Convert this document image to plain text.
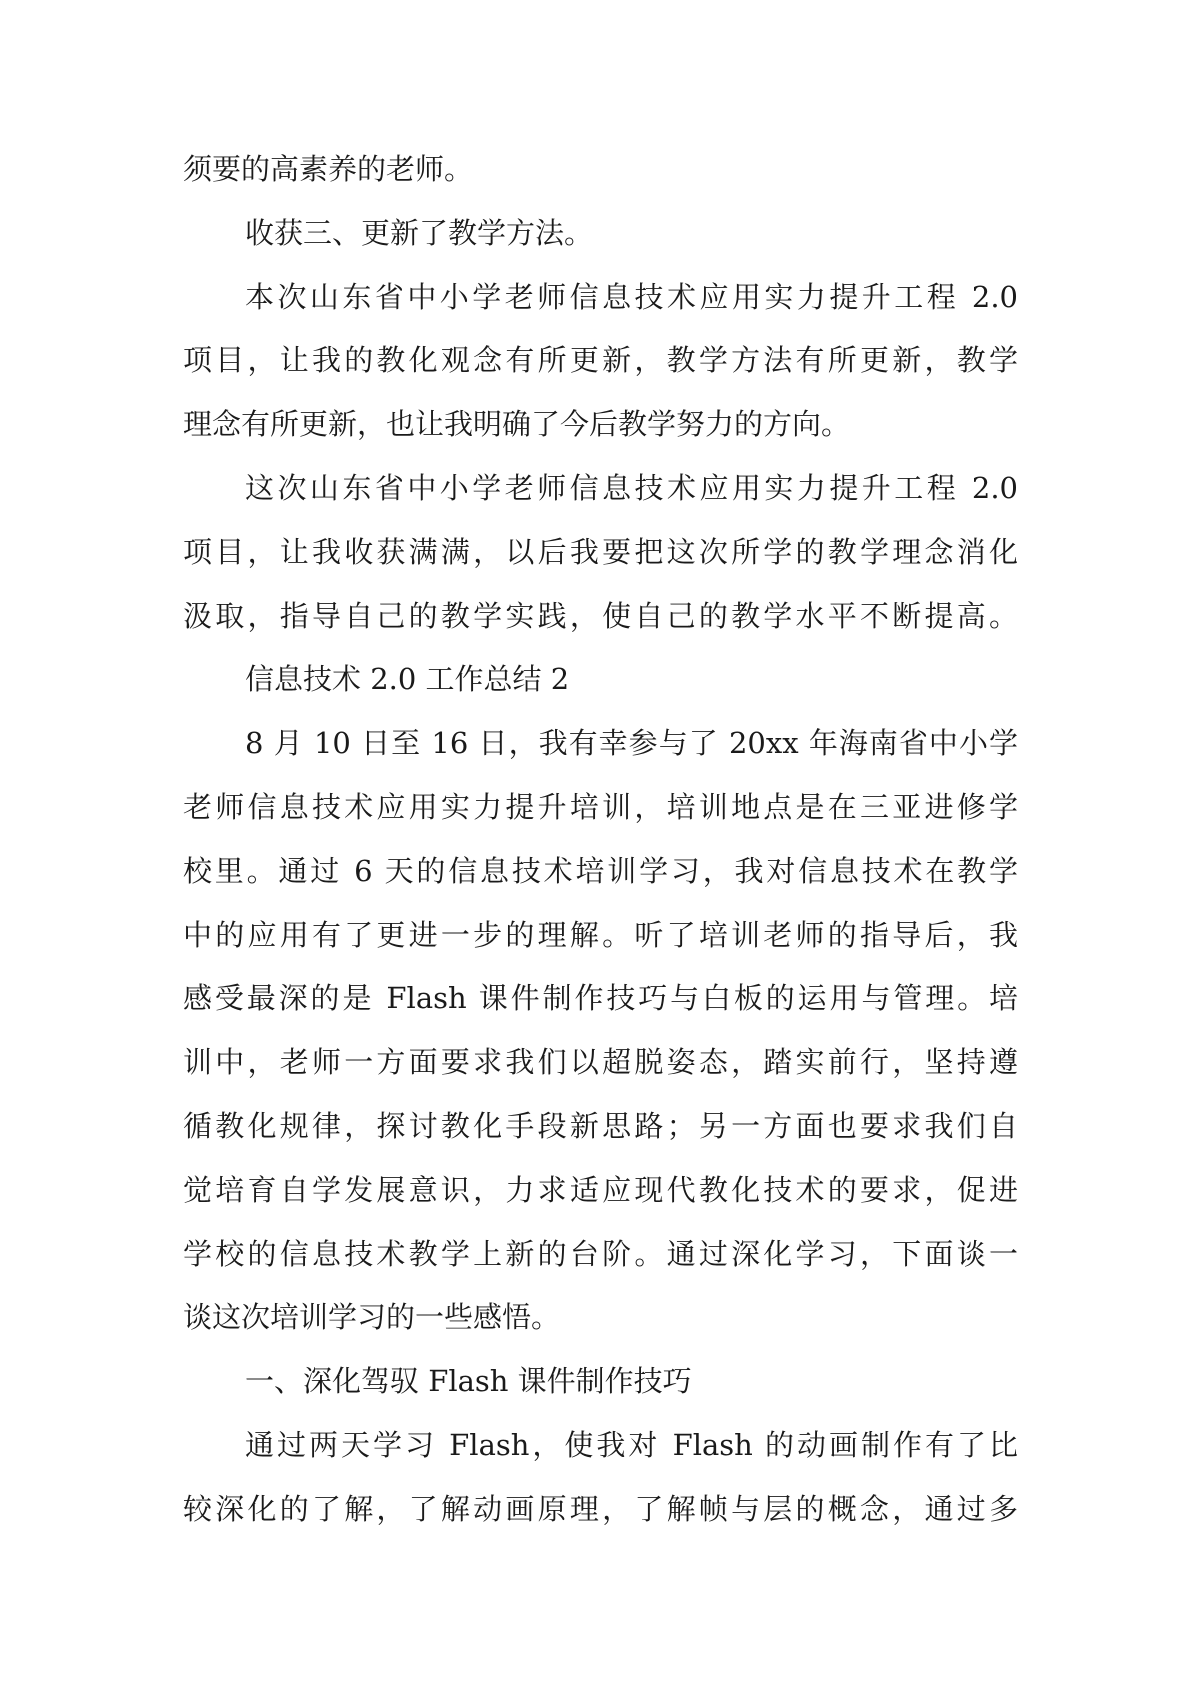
须要的高素养的老师。
收获三、更新了教学方法。
本次山东省中小学老师信息技术应用实力提升工程 2.0
项目，让我的教化观念有所更新，教学方法有所更新，教学
理念有所更新，也让我明确了今后教学努力的方向。
这次山东省中小学老师信息技术应用实力提升工程 2.0
项目，让我收获满满，以后我要把这次所学的教学理念消化
汲取，指导自己的教学实践，使自己的教学水平不断提高。
信息技术 2.0 工作总结 2
8 月 10 日至 16 日，我有幸参与了 20xx 年海南省中小学
老师信息技术应用实力提升培训，培训地点是在三亚进修学
校里。通过 6 天的信息技术培训学习，我对信息技术在教学
中的应用有了更进一步的理解。听了培训老师的指导后，我
感受最深的是 Flash 课件制作技巧与白板的运用与管理。培
训中，老师一方面要求我们以超脱姿态，踏实前行，坚持遵
循教化规律，探讨教化手段新思路；另一方面也要求我们自
觉培育自学发展意识，力求适应现代教化技术的要求，促进
学校的信息技术教学上新的台阶。通过深化学习，下面谈一
谈这次培训学习的一些感悟。
一、深化驾驭 Flash 课件制作技巧
通过两天学习 Flash，使我对 Flash 的动画制作有了比
较深化的了解，了解动画原理，了解帧与层的概念，通过多
